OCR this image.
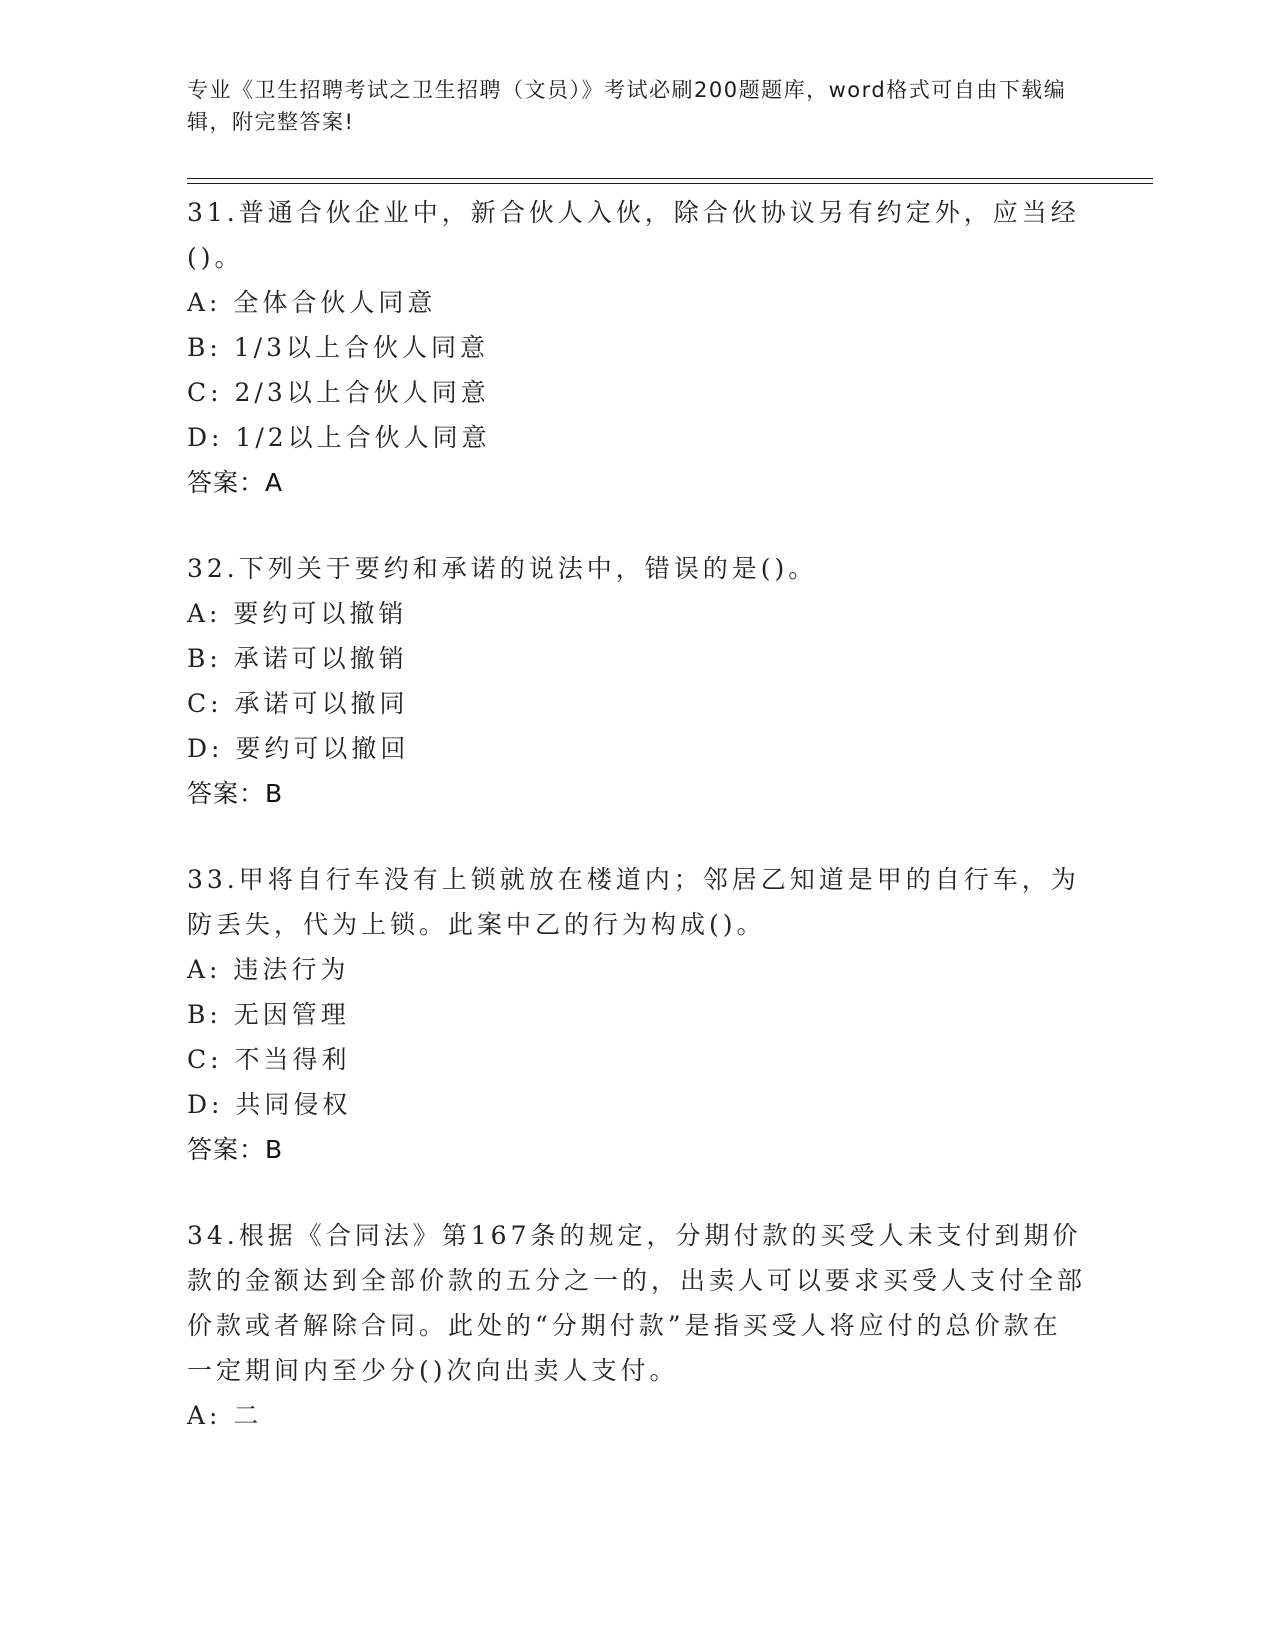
专业《卫生招聘考试之卫生招聘（文员）》考试必刷200题题库，word格式可自由下载编辑，附完整答案!
31.普通合伙企业中，新合伙人入伙，除合伙协议另有约定外，应当经()。
A: 全体合伙人同意
B: 1/3以上合伙人同意
C: 2/3以上合伙人同意
D: 1/2以上合伙人同意
答案：A
32.下列关于要约和承诺的说法中，错误的是()。
A: 要约可以撤销
B: 承诺可以撤销
C: 承诺可以撤同
D: 要约可以撤回
答案：B
33.甲将自行车没有上锁就放在楼道内；邻居乙知道是甲的自行车，为防丢失，代为上锁。此案中乙的行为构成()。
A: 违法行为
B: 无因管理
C: 不当得利
D: 共同侵权
答案：B
34.根据《合同法》第167条的规定，分期付款的买受人未支付到期价款的金额达到全部价款的五分之一的，出卖人可以要求买受人支付全部价款或者解除合同。此处的“分期付款”是指买受人将应付的总价款在一定期间内至少分()次向出卖人支付。
A: 二
